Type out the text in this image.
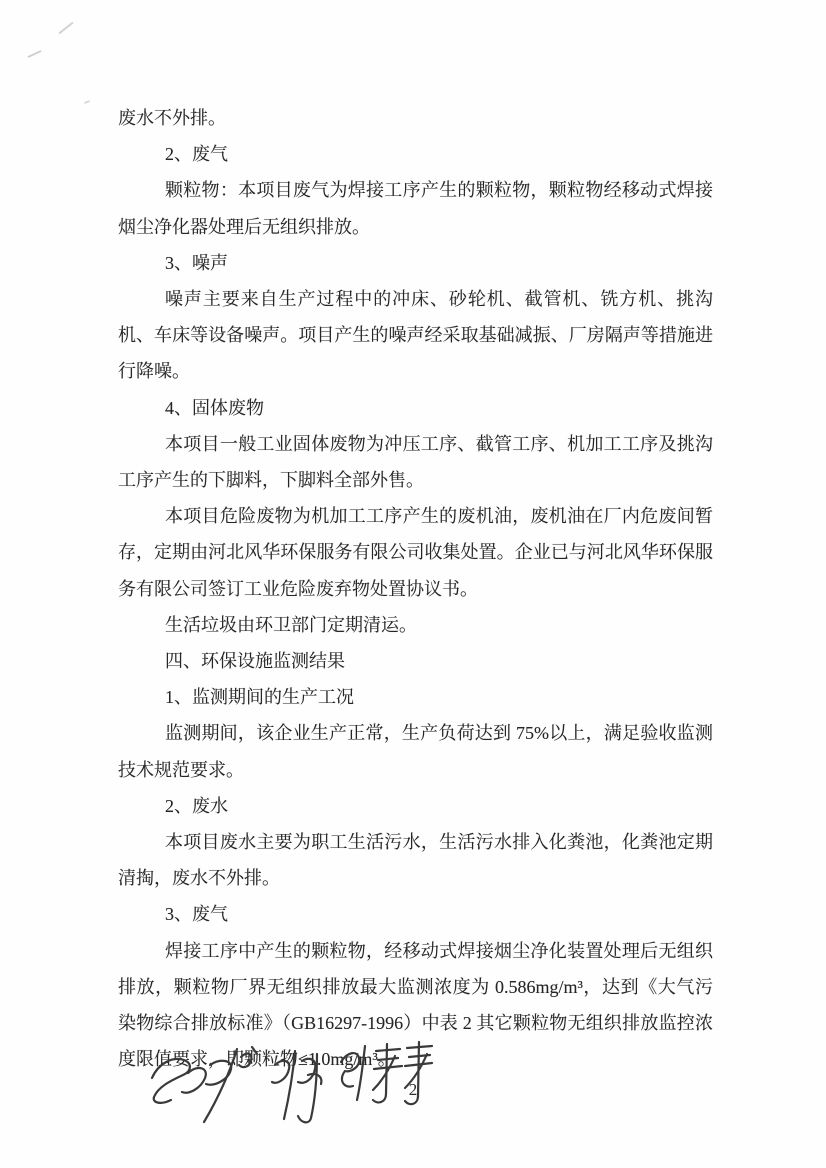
废水不外排。

2、废气

颗粒物：本项目废气为焊接工序产生的颗粒物，颗粒物经移动式焊接烟尘净化器处理后无组织排放。

3、噪声

噪声主要来自生产过程中的冲床、砂轮机、截管机、铣方机、挑沟机、车床等设备噪声。项目产生的噪声经采取基础减振、厂房隔声等措施进行降噪。

4、固体废物

本项目一般工业固体废物为冲压工序、截管工序、机加工工序及挑沟工序产生的下脚料，下脚料全部外售。

本项目危险废物为机加工工序产生的废机油，废机油在厂内危废间暂存，定期由河北风华环保服务有限公司收集处置。企业已与河北风华环保服务有限公司签订工业危险废弃物处置协议书。

生活垃圾由环卫部门定期清运。

四、环保设施监测结果

1、监测期间的生产工况

监测期间，该企业生产正常，生产负荷达到 75%以上，满足验收监测技术规范要求。

2、废水

本项目废水主要为职工生活污水，生活污水排入化粪池，化粪池定期清掏，废水不外排。

3、废气

焊接工序中产生的颗粒物，经移动式焊接烟尘净化装置处理后无组织排放，颗粒物厂界无组织排放最大监测浓度为 0.586mg/m³，达到《大气污染物综合排放标准》（GB16297-1996）中表 2 其它颗粒物无组织排放监控浓度限值要求，即颗粒物≤1.0mg/m³。

2
